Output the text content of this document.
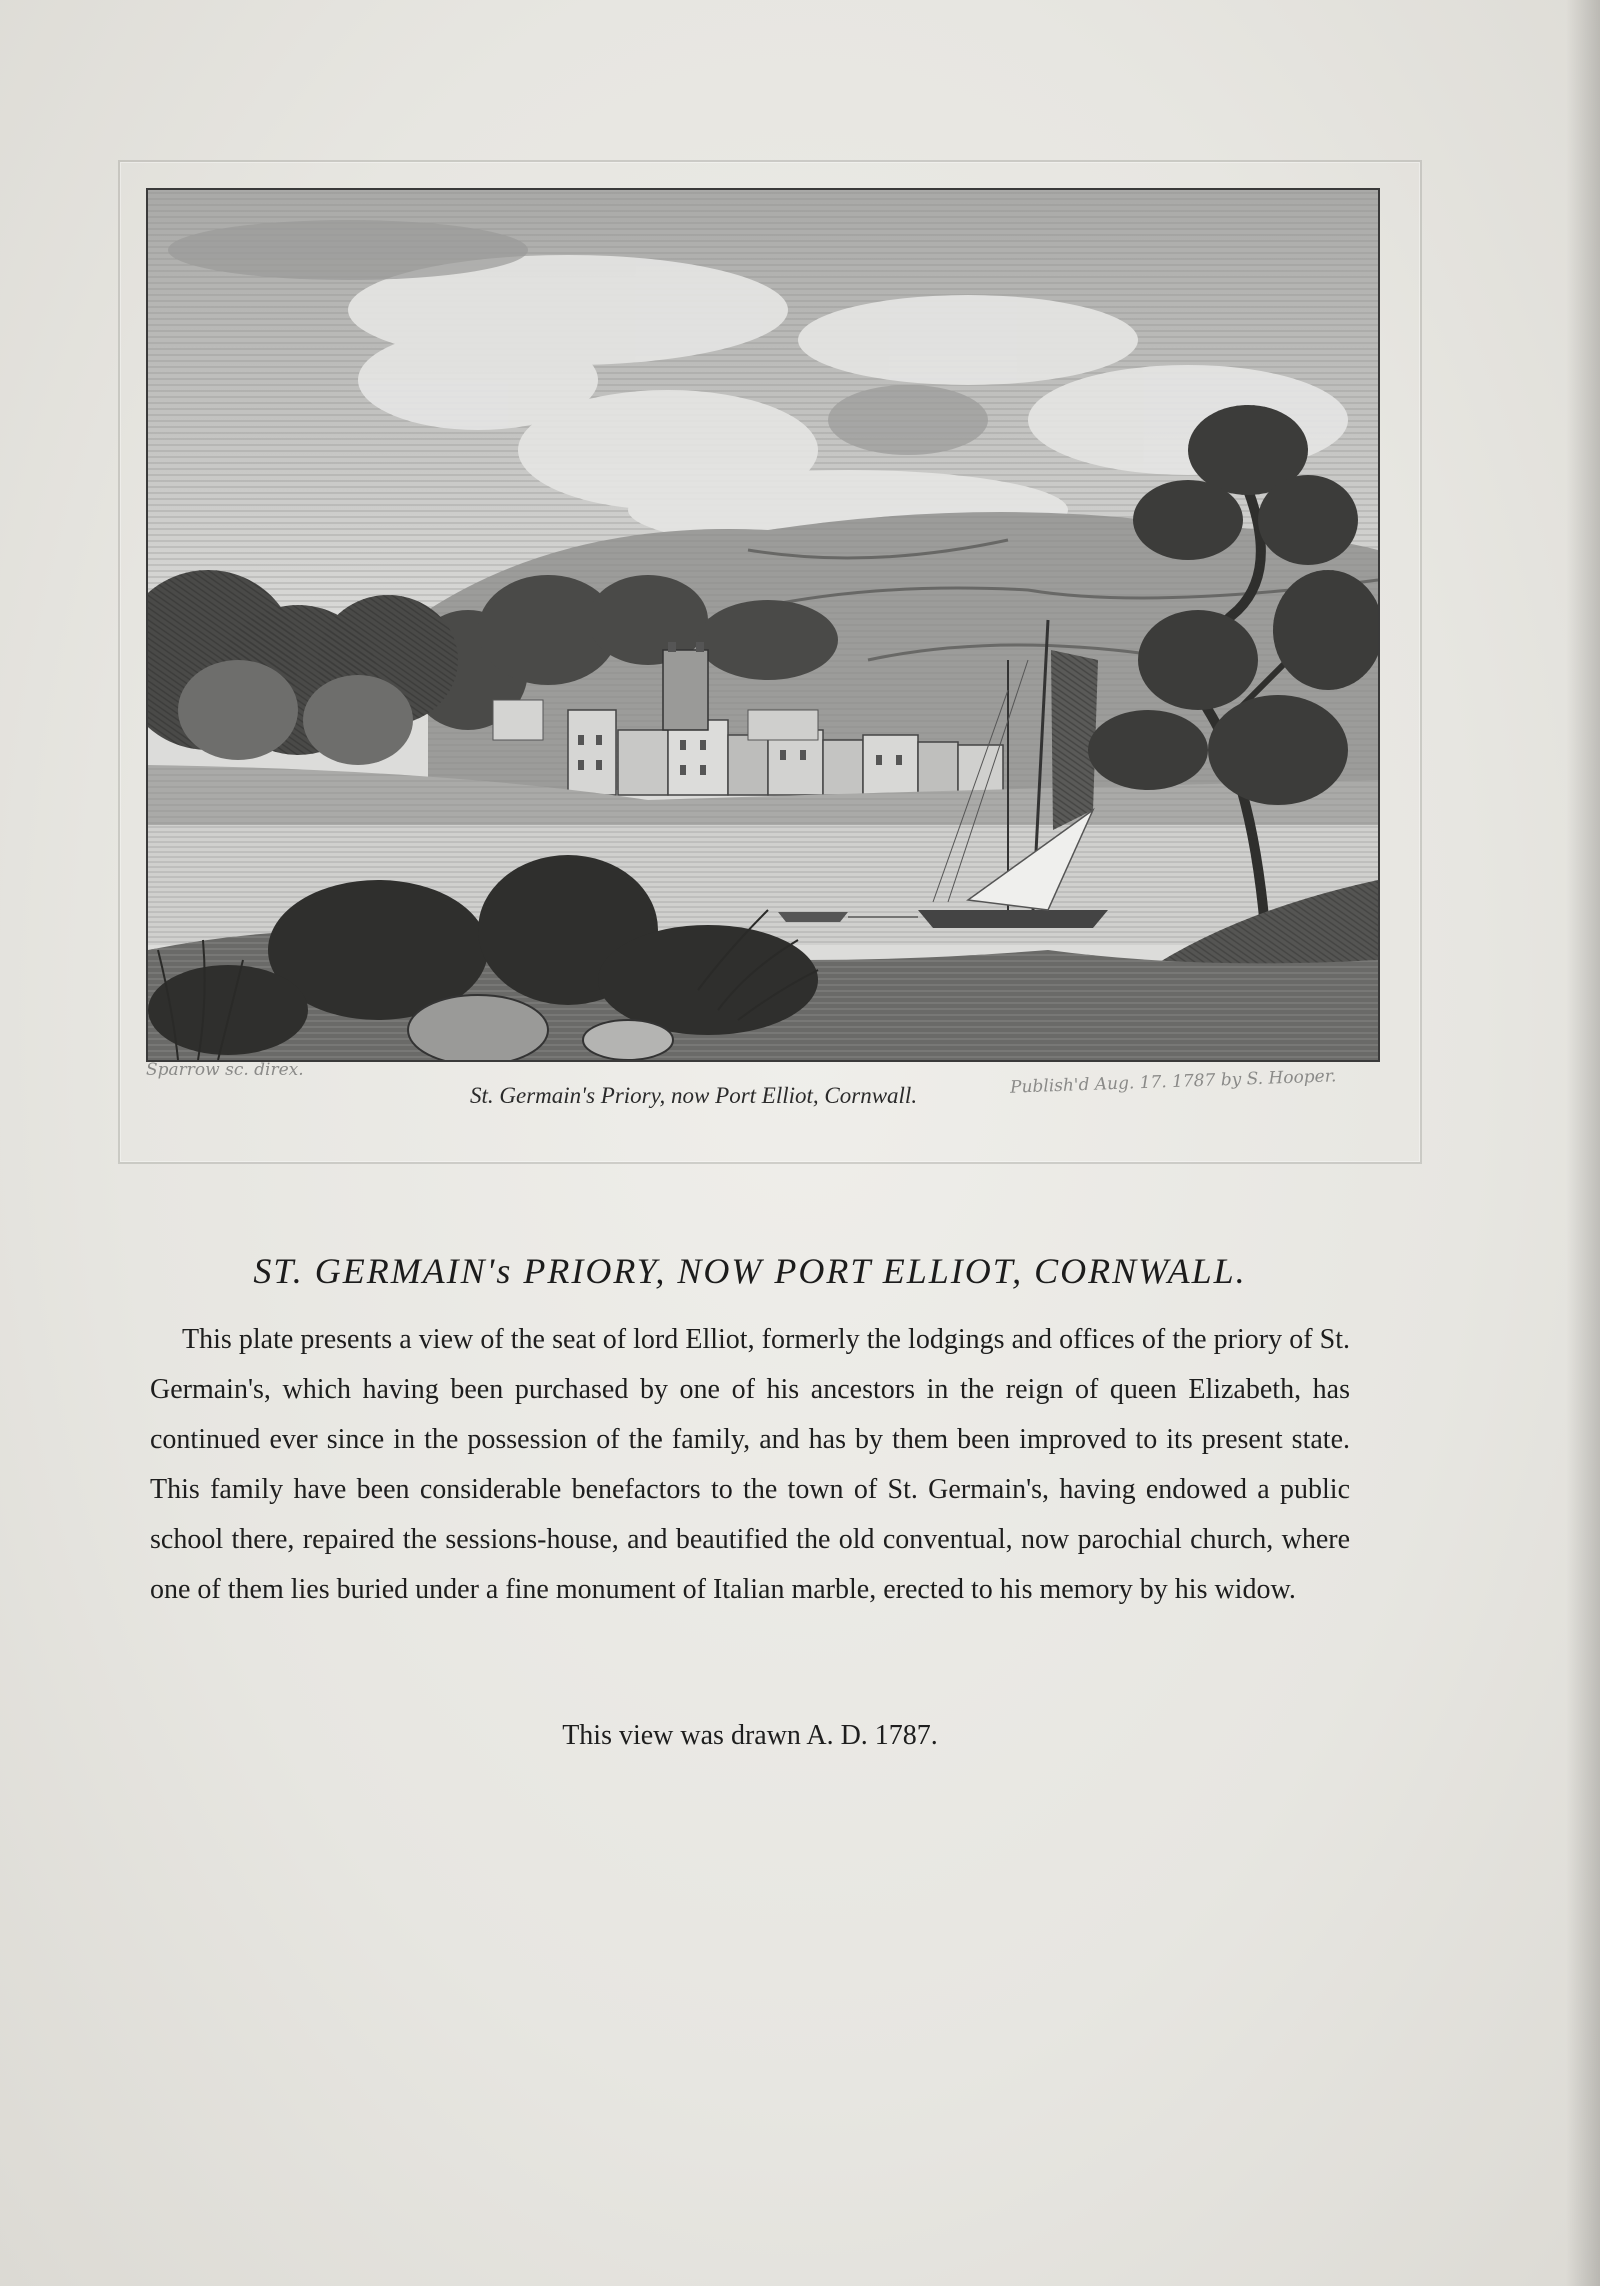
Sparrow sc. direx.
St. Germain's Priory, now Port Elliot, Cornwall.	Publish'd Aug. 17. 1787 by S. Hooper.
ST. GERMAIN's PRIORY, NOW PORT ELLIOT, CORNWALL.
This plate presents a view of the seat of lord Elliot, formerly the lodgings and offices of the priory of St. Germain's, which having been purchased by one of his ancestors in the reign of queen Elizabeth, has continued ever since in the possession of the family, and has by them been improved to its present state. This family have been considerable benefactors to the town of St. Germain's, having endowed a public school there, repaired the sessions-house, and beautified the old conventual, now parochial church, where one of them lies buried under a fine monument of Italian marble, erected to his memory by his widow.
This view was drawn A. D. 1787.
